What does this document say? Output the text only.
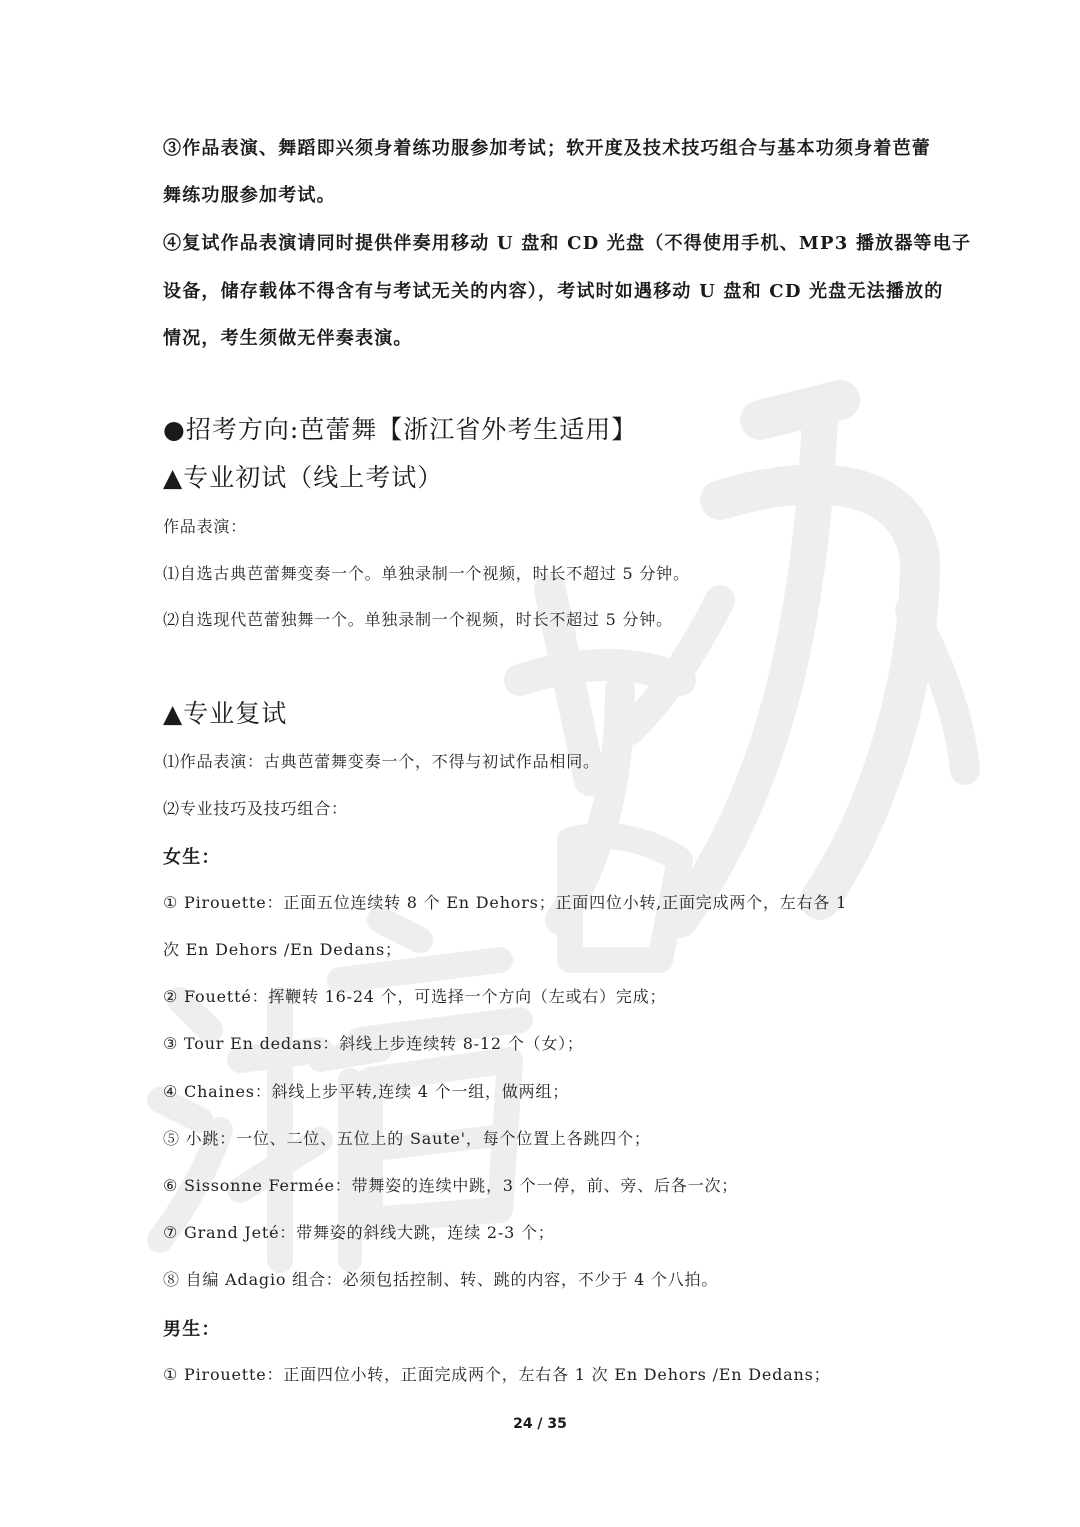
③作品表演、舞蹈即兴须身着练功服参加考试；软开度及技术技巧组合与基本功须身着芭蕾
舞练功服参加考试。
④复试作品表演请同时提供伴奏用移动 U 盘和 CD 光盘（不得使用手机、MP3 播放器等电子
设备，储存载体不得含有与考试无关的内容），考试时如遇移动 U 盘和 CD 光盘无法播放的
情况，考生须做无伴奏表演。
●招考方向:芭蕾舞【浙江省外考生适用】
▲专业初试（线上考试）
作品表演：
⑴自选古典芭蕾舞变奏一个。单独录制一个视频，时长不超过 5 分钟。
⑵自选现代芭蕾独舞一个。单独录制一个视频，时长不超过 5 分钟。
▲专业复试
⑴作品表演：古典芭蕾舞变奏一个，不得与初试作品相同。
⑵专业技巧及技巧组合：
女生：
① Pirouette：正面五位连续转 8 个 En Dehors；正面四位小转,正面完成两个，左右各 1
次 En Dehors /En Dedans；
② Fouetté：挥鞭转 16-24 个，可选择一个方向（左或右）完成；
③ Tour En dedans：斜线上步连续转 8-12 个（女）；
④ Chaines：斜线上步平转,连续 4 个一组，做两组；
⑤ 小跳：一位、二位、五位上的 Saute'，每个位置上各跳四个；
⑥ Sissonne Fermée：带舞姿的连续中跳，3 个一停，前、旁、后各一次；
⑦ Grand Jeté：带舞姿的斜线大跳，连续 2-3 个；
⑧ 自编 Adagio 组合：必须包括控制、转、跳的内容，不少于 4 个八拍。
男生：
① Pirouette：正面四位小转，正面完成两个，左右各 1 次 En Dehors /En Dedans；
24 / 35
